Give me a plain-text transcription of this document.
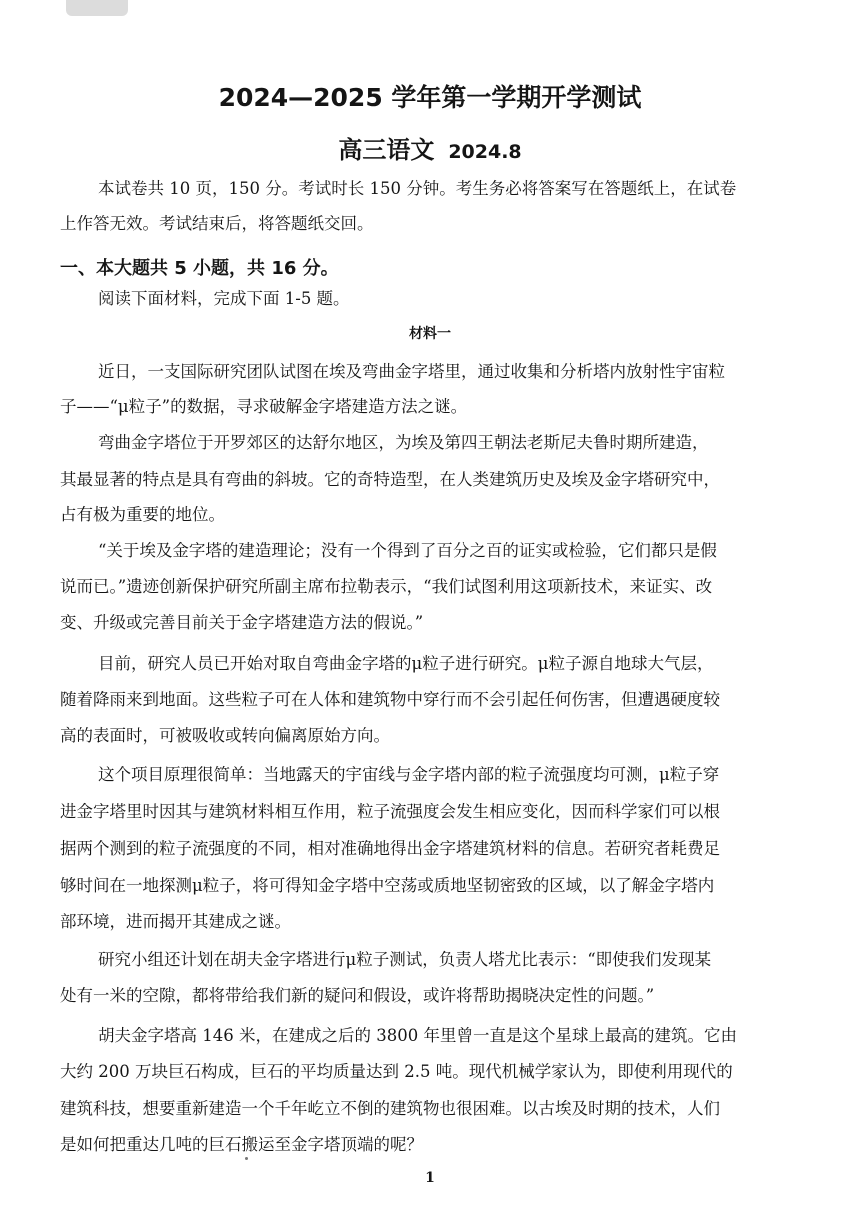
2024—2025 学年第一学期开学测试
高三语文 2024.8
本试卷共 10 页，150 分。考试时长 150 分钟。考生务必将答案写在答题纸上，在试卷
上作答无效。考试结束后，将答题纸交回。
一、本大题共 5 小题，共 16 分。
阅读下面材料，完成下面 1-5 题。
材料一
近日，一支国际研究团队试图在埃及弯曲金字塔里，通过收集和分析塔内放射性宇宙粒
子——“μ粒子”的数据，寻求破解金字塔建造方法之谜。
弯曲金字塔位于开罗郊区的达舒尔地区，为埃及第四王朝法老斯尼夫鲁时期所建造，
其最显著的特点是具有弯曲的斜坡。它的奇特造型，在人类建筑历史及埃及金字塔研究中，
占有极为重要的地位。
“关于埃及金字塔的建造理论；没有一个得到了百分之百的证实或检验，它们都只是假
说而已。”遗迹创新保护研究所副主席布拉勒表示，“我们试图利用这项新技术，来证实、改
变、升级或完善目前关于金字塔建造方法的假说。”
目前，研究人员已开始对取自弯曲金字塔的μ粒子进行研究。μ粒子源自地球大气层，
随着降雨来到地面。这些粒子可在人体和建筑物中穿行而不会引起任何伤害，但遭遇硬度较
高的表面时，可被吸收或转向偏离原始方向。
这个项目原理很简单：当地露天的宇宙线与金字塔内部的粒子流强度均可测，μ粒子穿
进金字塔里时因其与建筑材料相互作用，粒子流强度会发生相应变化，因而科学家们可以根
据两个测到的粒子流强度的不同，相对准确地得出金字塔建筑材料的信息。若研究者耗费足
够时间在一地探测μ粒子，将可得知金字塔中空荡或质地坚韧密致的区域，以了解金字塔内
部环境，进而揭开其建成之谜。
研究小组还计划在胡夫金字塔进行μ粒子测试，负责人塔尤比表示：“即使我们发现某
处有一米的空隙，都将带给我们新的疑问和假设，或许将帮助揭晓决定性的问题。”
胡夫金字塔高 146 米，在建成之后的 3800 年里曾一直是这个星球上最高的建筑。它由
大约 200 万块巨石构成，巨石的平均质量达到 2.5 吨。现代机械学家认为，即使利用现代的
建筑科技，想要重新建造一个千年屹立不倒的建筑物也很困难。以古埃及时期的技术，人们
是如何把重达几吨的巨石搬运至金字塔顶端的呢？
1
